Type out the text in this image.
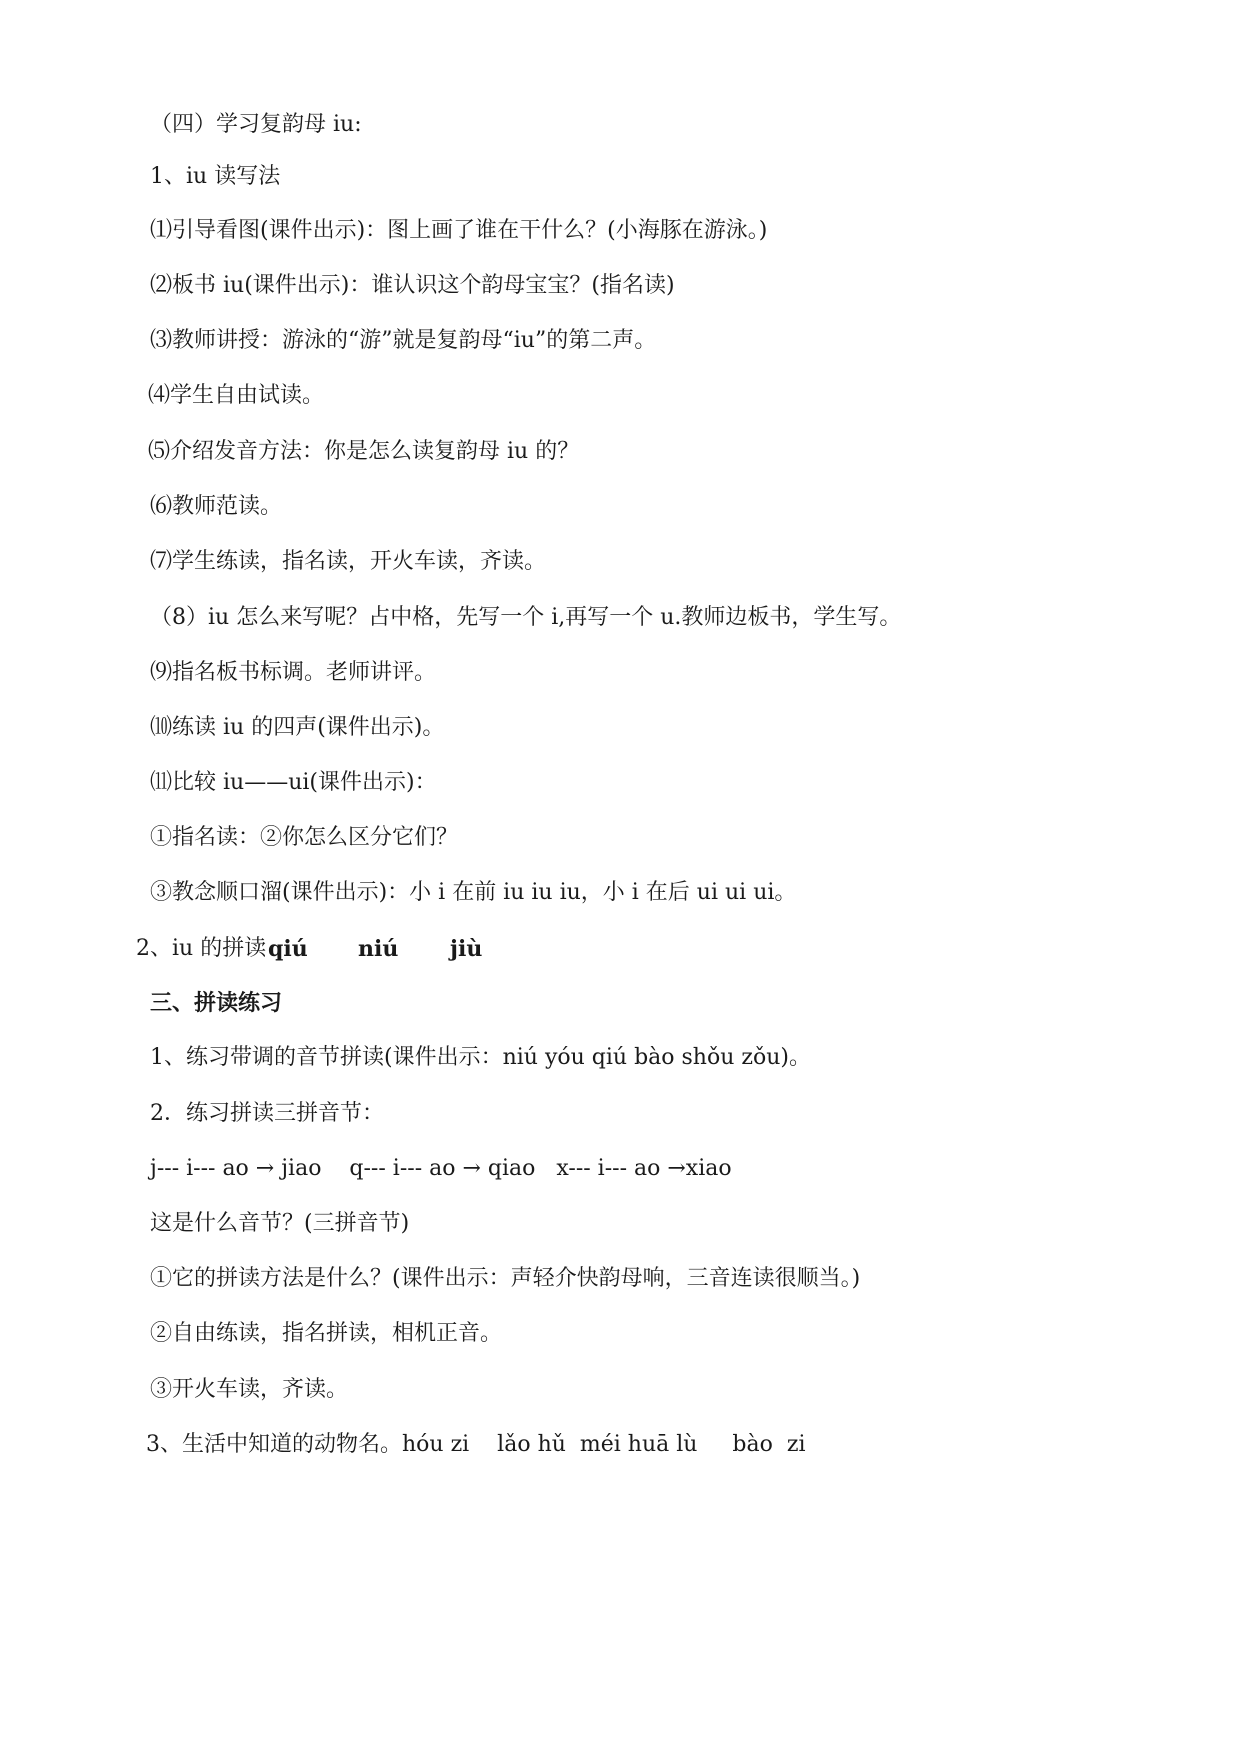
（四）学习复韵母 iu:
1、iu 读写法
⑴引导看图(课件出示)：图上画了谁在干什么？(小海豚在游泳。)
⑵板书 iu(课件出示)：谁认识这个韵母宝宝？(指名读)
⑶教师讲授：游泳的“游”就是复韵母“iu”的第二声。
⑷学生自由试读。
⑸介绍发音方法：你是怎么读复韵母 iu 的？
⑹教师范读。
⑺学生练读，指名读，开火车读，齐读。
（8）iu 怎么来写呢？占中格，先写一个 i,再写一个 u.教师边板书，学生写。
⑼指名板书标调。老师讲评。
⑽练读 iu 的四声(课件出示)。
⑾比较 iu——ui(课件出示)：
①指名读：②你怎么区分它们？
③教念顺口溜(课件出示)：小 i 在前 iu iu iu，小 i 在后 ui ui ui。
2、iu 的拼读 qiú niú jiù
三、拼读练习
1、练习带调的音节拼读(课件出示：niú yóu qiú bào shǒu zǒu)。
2．练习拼读三拼音节：
j--- i--- ao → jiao    q--- i--- ao → qiao   x--- i--- ao →xiao
这是什么音节？(三拼音节)
①它的拼读方法是什么？(课件出示：声轻介快韵母响，三音连读很顺当。)
②自由练读，指名拼读，相机正音。
③开火车读，齐读。
3、生活中知道的动物名。hóu zi    lǎo hǔ  méi huā lù     bào  zi
